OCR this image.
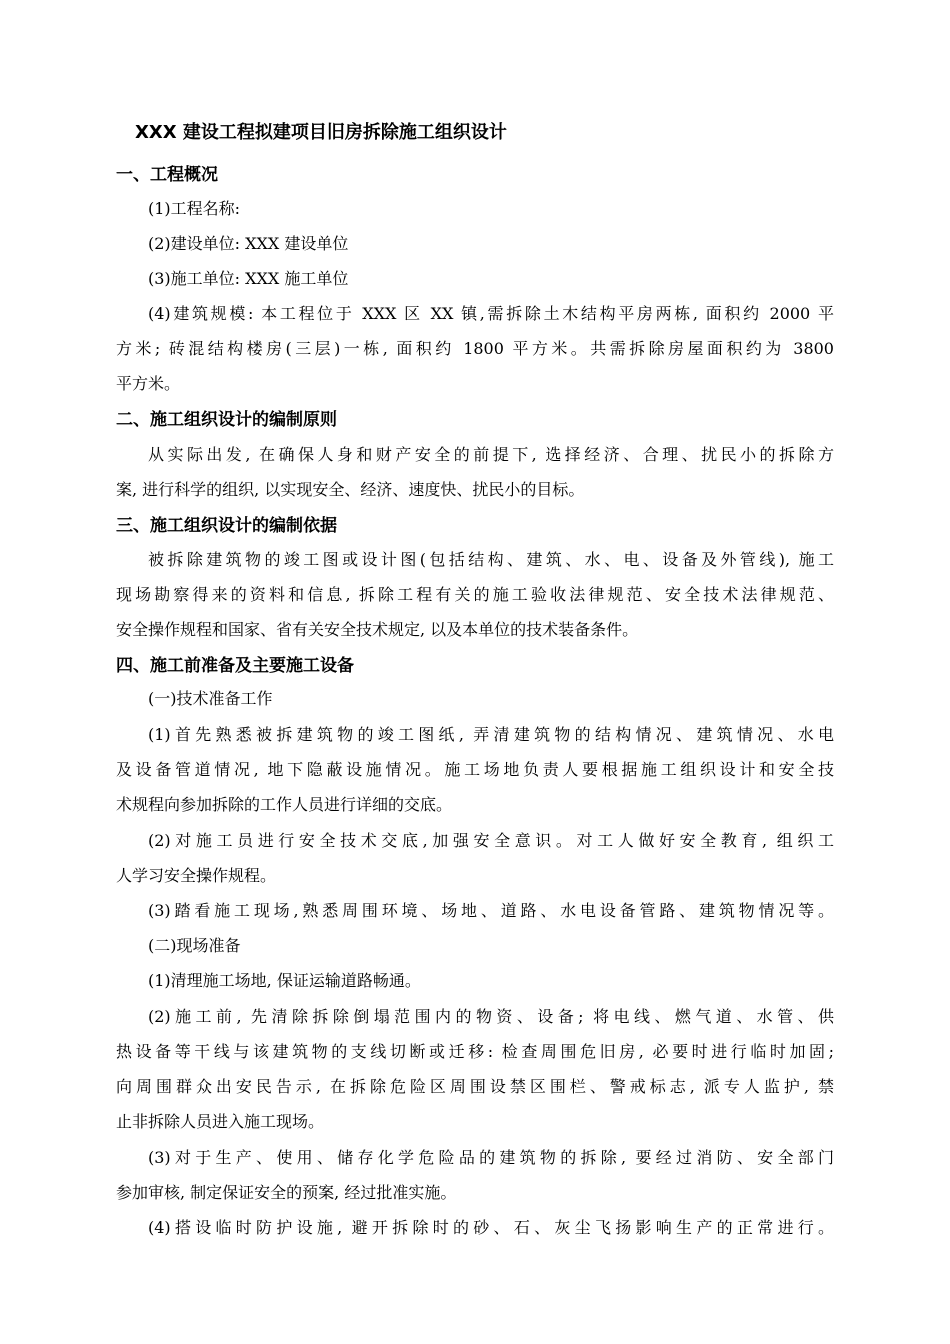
XXX 建设工程拟建项目旧房拆除施工组织设计
一、工程概况
(1)工程名称:
(2)建设单位: XXX 建设单位
(3)施工单位: XXX 施工单位
(4)建筑规模: 本工程位于 XXX 区 XX 镇,需拆除土木结构平房两栋, 面积约 2000 平
方米; 砖混结构楼房(三层)一栋, 面积约 1800 平方米。共需拆除房屋面积约为 3800
平方米。
二、施工组织设计的编制原则
从实际出发, 在确保人身和财产安全的前提下, 选择经济、合理、扰民小的拆除方
案, 进行科学的组织, 以实现安全、经济、速度快、扰民小的目标。
三、施工组织设计的编制依据
被拆除建筑物的竣工图或设计图(包括结构、建筑、水、电、设备及外管线), 施工
现场勘察得来的资料和信息, 拆除工程有关的施工验收法律规范、安全技术法律规范、
安全操作规程和国家、省有关安全技术规定, 以及本单位的技术装备条件。
四、施工前准备及主要施工设备
(一)技术准备工作
(1)首先熟悉被拆建筑物的竣工图纸, 弄清建筑物的结构情况、建筑情况、水电
及设备管道情况, 地下隐蔽设施情况。施工场地负责人要根据施工组织设计和安全技
术规程向参加拆除的工作人员进行详细的交底。
(2)对施工员进行安全技术交底,加强安全意识。对工人做好安全教育, 组织工
人学习安全操作规程。
(3)踏看施工现场,熟悉周围环境、场地、道路、水电设备管路、建筑物情况等。
(二)现场准备
(1)清理施工场地, 保证运输道路畅通。
(2)施工前, 先清除拆除倒塌范围内的物资、设备; 将电线、燃气道、水管、供
热设备等干线与该建筑物的支线切断或迁移: 检查周围危旧房, 必要时进行临时加固;
向周围群众出安民告示, 在拆除危险区周围设禁区围栏、警戒标志, 派专人监护, 禁
止非拆除人员进入施工现场。
(3)对于生产、使用、储存化学危险品的建筑物的拆除, 要经过消防、安全部门
参加审核, 制定保证安全的预案, 经过批准实施。
(4)搭设临时防护设施, 避开拆除时的砂、石、灰尘飞扬影响生产的正常进行。
